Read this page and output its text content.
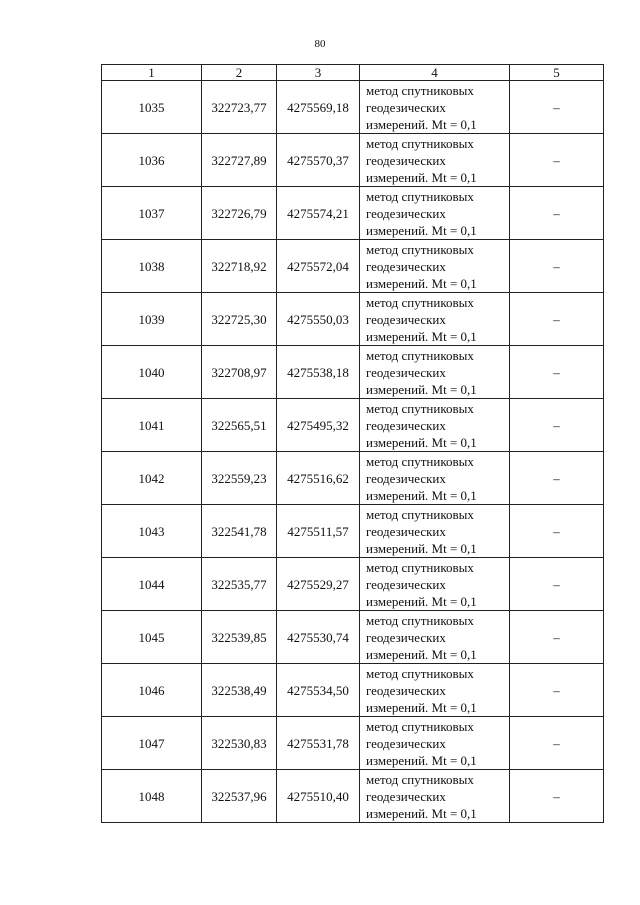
80
1	2	3	4	5
1035	322723,77	4275569,18	метод спутниковых
геодезических
измерений. Mt = 0,1	–
1036	322727,89	4275570,37	метод спутниковых
геодезических
измерений. Mt = 0,1	–
1037	322726,79	4275574,21	метод спутниковых
геодезических
измерений. Mt = 0,1	–
1038	322718,92	4275572,04	метод спутниковых
геодезических
измерений. Mt = 0,1	–
1039	322725,30	4275550,03	метод спутниковых
геодезических
измерений. Mt = 0,1	–
1040	322708,97	4275538,18	метод спутниковых
геодезических
измерений. Mt = 0,1	–
1041	322565,51	4275495,32	метод спутниковых
геодезических
измерений. Mt = 0,1	–
1042	322559,23	4275516,62	метод спутниковых
геодезических
измерений. Mt = 0,1	–
1043	322541,78	4275511,57	метод спутниковых
геодезических
измерений. Mt = 0,1	–
1044	322535,77	4275529,27	метод спутниковых
геодезических
измерений. Mt = 0,1	–
1045	322539,85	4275530,74	метод спутниковых
геодезических
измерений. Mt = 0,1	–
1046	322538,49	4275534,50	метод спутниковых
геодезических
измерений. Mt = 0,1	–
1047	322530,83	4275531,78	метод спутниковых
геодезических
измерений. Mt = 0,1	–
1048	322537,96	4275510,40	метод спутниковых
геодезических
измерений. Mt = 0,1	–
